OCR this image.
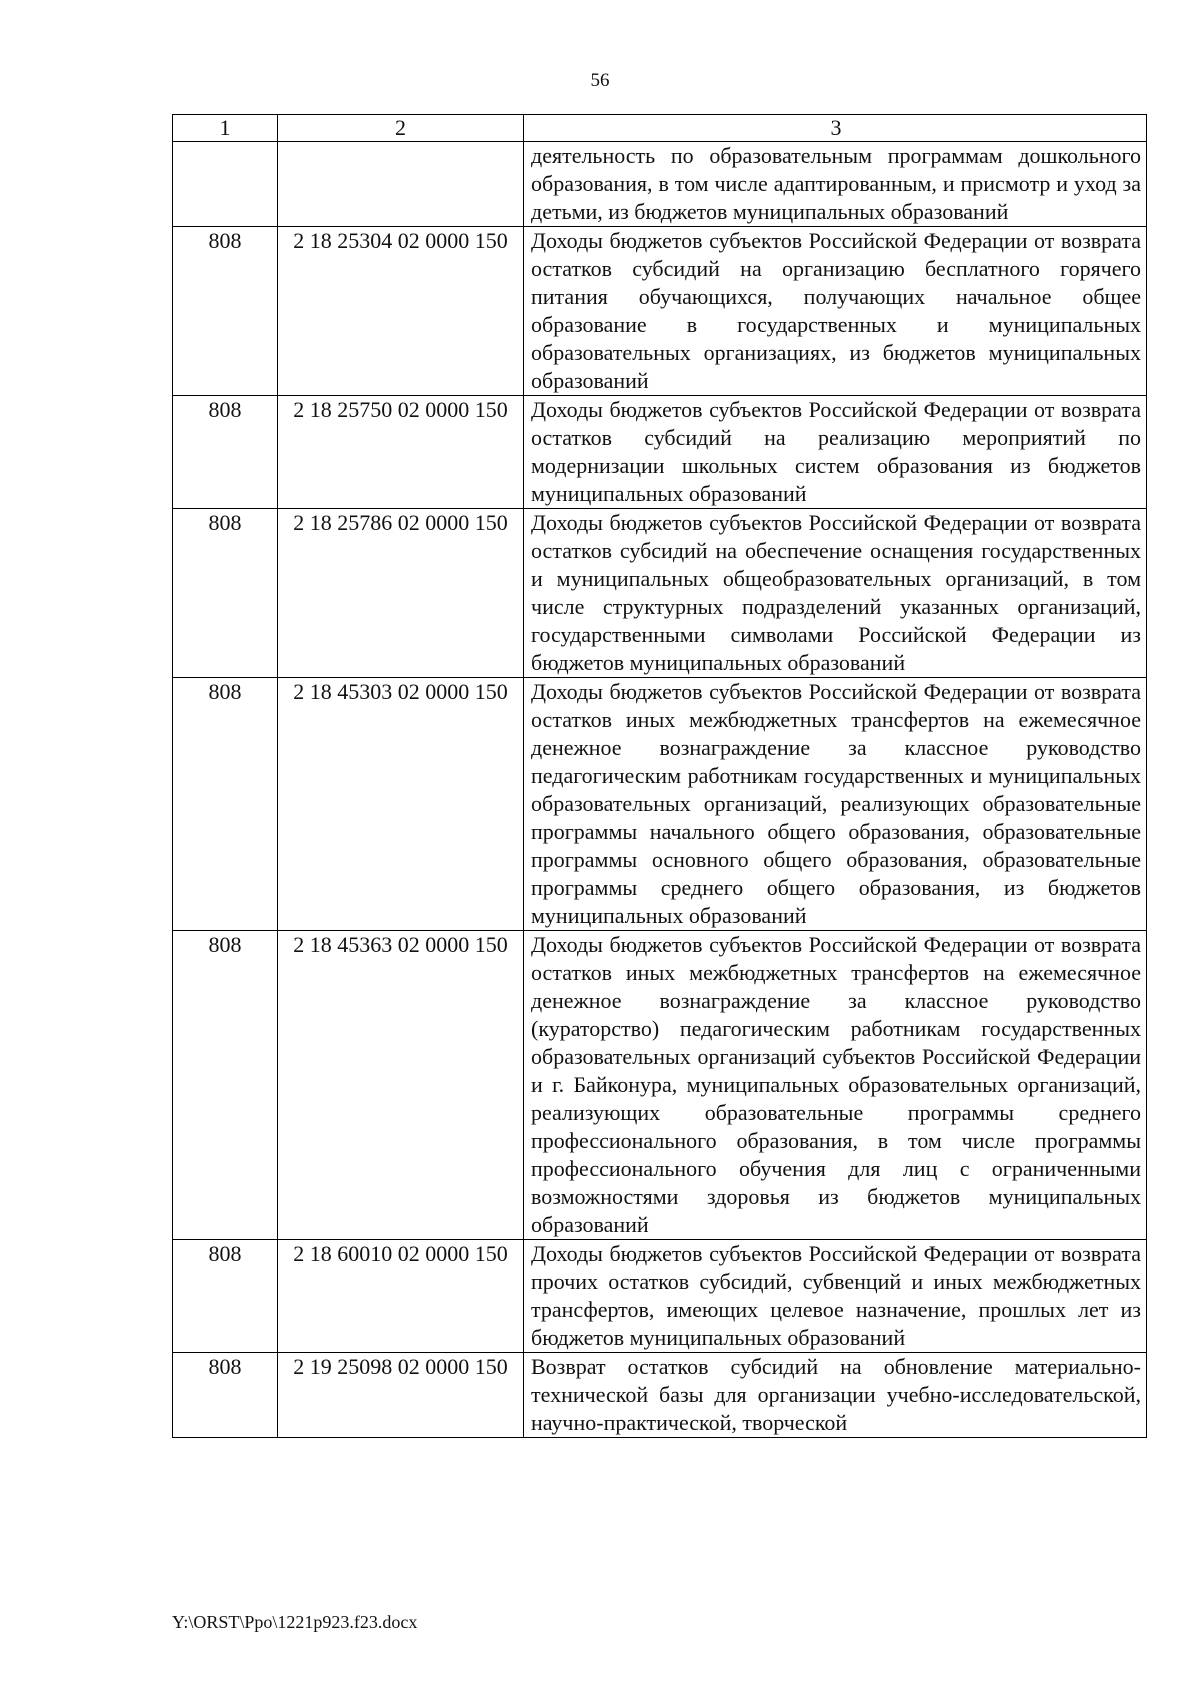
56
1	2	3
		деятельность по образовательным программам дошкольного образования, в том числе адаптированным, и присмотр и уход за детьми, из бюджетов муниципальных образований
808	2 18 25304 02 0000 150	Доходы бюджетов субъектов Российской Федерации от возврата остатков субсидий на организацию бесплатного горячего питания обучающихся, получающих начальное общее образование в государственных и муниципальных образовательных организациях, из бюджетов муниципальных образований
808	2 18 25750 02 0000 150	Доходы бюджетов субъектов Российской Федерации от возврата остатков субсидий на реализацию мероприятий по модернизации школьных систем образования из бюджетов муниципальных образований
808	2 18 25786 02 0000 150	Доходы бюджетов субъектов Российской Федерации от возврата остатков субсидий на обеспечение оснащения государственных и муниципальных общеобразовательных организаций, в том числе структурных подразделений указанных организаций, государственными символами Российской Федерации из бюджетов муниципальных образований
808	2 18 45303 02 0000 150	Доходы бюджетов субъектов Российской Федерации от возврата остатков иных межбюджетных трансфертов на ежемесячное денежное вознаграждение за классное руководство педагогическим работникам государственных и муниципальных образовательных организаций, реализующих образовательные программы начального общего образования, образовательные программы основного общего образования, образовательные программы среднего общего образования, из бюджетов муниципальных образований
808	2 18 45363 02 0000 150	Доходы бюджетов субъектов Российской Федерации от возврата остатков иных межбюджетных трансфертов на ежемесячное денежное вознаграждение за классное руководство (кураторство) педагогическим работникам государственных образовательных организаций субъектов Российской Федерации и г. Байконура, муниципальных образовательных организаций, реализующих образовательные программы среднего профессионального образования, в том числе программы профессионального обучения для лиц с ограниченными возможностями здоровья из бюджетов муниципальных образований
808	2 18 60010 02 0000 150	Доходы бюджетов субъектов Российской Федерации от возврата прочих остатков субсидий, субвенций и иных межбюджетных трансфертов, имеющих целевое назначение, прошлых лет из бюджетов муниципальных образований
808	2 19 25098 02 0000 150	Возврат остатков субсидий на обновление материально-технической базы для организации учебно-исследовательской, научно-практической, творческой
Y:\ORST\Ppo\1221p923.f23.docx
